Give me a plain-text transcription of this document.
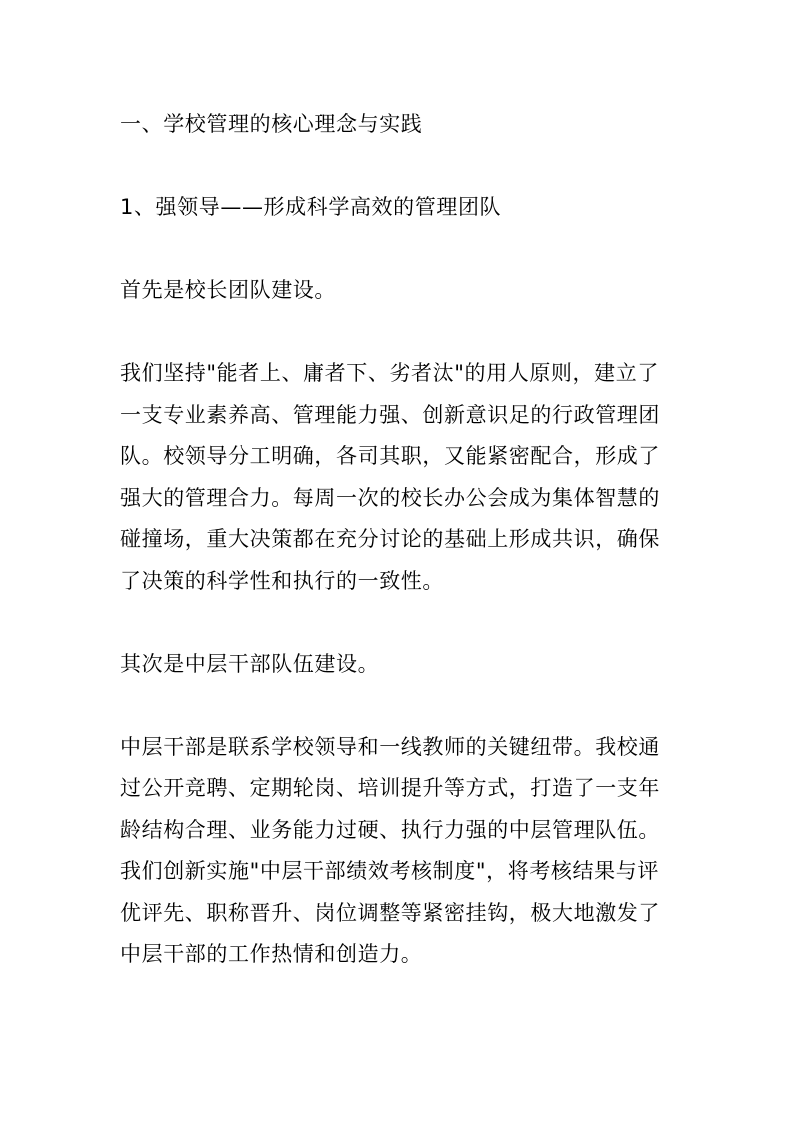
一、学校管理的核心理念与实践

1、强领导——形成科学高效的管理团队

首先是校长团队建设。

我们坚持"能者上、庸者下、劣者汰"的用人原则，建立了一支专业素养高、管理能力强、创新意识足的行政管理团队。校领导分工明确，各司其职，又能紧密配合，形成了强大的管理合力。每周一次的校长办公会成为集体智慧的碰撞场，重大决策都在充分讨论的基础上形成共识，确保了决策的科学性和执行的一致性。

其次是中层干部队伍建设。

中层干部是联系学校领导和一线教师的关键纽带。我校通过公开竞聘、定期轮岗、培训提升等方式，打造了一支年龄结构合理、业务能力过硬、执行力强的中层管理队伍。我们创新实施"中层干部绩效考核制度"，将考核结果与评优评先、职称晋升、岗位调整等紧密挂钩，极大地激发了中层干部的工作热情和创造力。
